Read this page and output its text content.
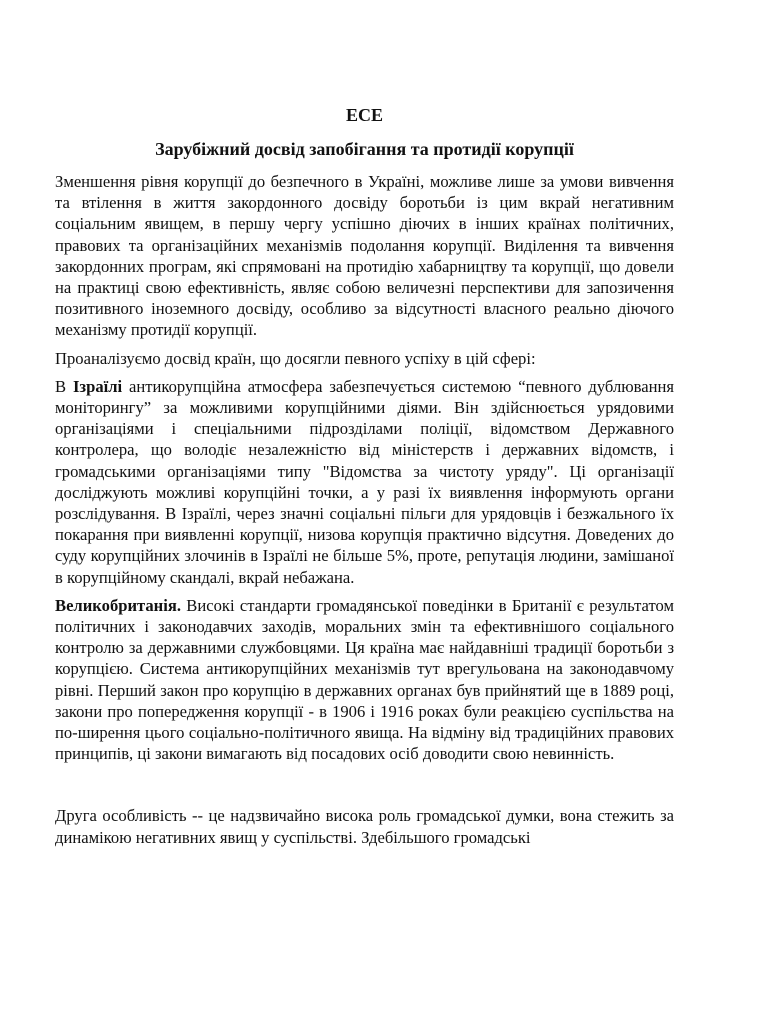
ЕСЕ
Зарубіжний досвід запобігання та протидії корупції

Зменшення рівня корупції до безпечного в Україні, можливе лише за умови вивчення та втілення в життя закордонного досвіду боротьби із цим вкрай негативним соціальним явищем, в першу чергу успішно діючих в інших країнах політичних, правових та організаційних механізмів подолання корупції. Виділення та вивчення закордонних програм, які спрямовані на протидію хабарництву та корупції, що довели на практиці свою ефективність, являє собою величезні перспективи для запозичення позитивного іноземного досвіду, особливо за відсутності власного реально діючого механізму протидії корупції.

Проаналізуємо досвід країн, що досягли певного успіху в цій сфері:

В Ізраїлі антикорупційна атмосфера забезпечується системою “певного дублювання моніторингу” за можливими корупційними діями. Він здійснюється урядовими організаціями і спеціальними підрозділами поліції, відомством Державного контролера, що володіє незалежністю від міністерств і державних відомств, і громадськими організаціями типу "Відомства за чистоту уряду". Ці організації досліджують можливі корупційні точки, а у разі їх виявлення інформують органи розслідування. В Ізраїлі, через значні соціальні пільги для урядовців і безжального їх покарання при виявленні корупції, низова корупція практично відсутня. Доведених до суду корупційних злочинів в Ізраїлі не більше 5%, проте, репутація людини, замішаної в корупційному скандалі, вкрай небажана.

Великобританія. Високі стандарти громадянської поведінки в Британії є результатом політичних і законодавчих заходів, моральних змін та ефективнішого соціального контролю за державними службовцями. Ця країна має найдавніші традиції боротьби з корупцією. Система антикорупційних механізмів тут врегульована на законодавчому рівні. Перший закон про корупцію в державних органах був прийнятий ще в 1889 році, закони про попередження корупції - в 1906 і 1916 роках були реакцією суспільства на по-ширення цього соціально-політичного явища. На відміну від традиційних правових принципів, ці закони вимагають від посадових осіб доводити свою невинність.

Друга особливість -- це надзвичайно висока роль громадської думки, вона стежить за динамікою негативних явищ у суспільстві. Здебільшого громадські
